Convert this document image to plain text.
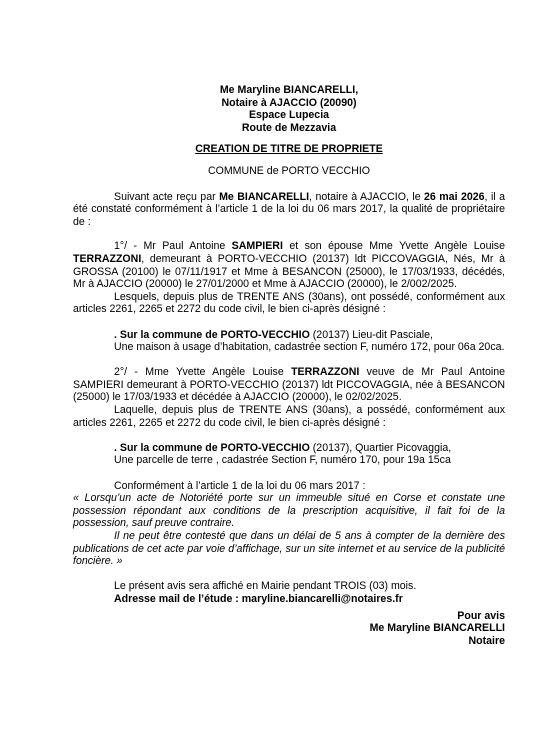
Me Maryline BIANCARELLI,
Notaire à AJACCIO (20090)
Espace Lupecia
Route de Mezzavia
CREATION DE TITRE DE PROPRIETE
COMMUNE de PORTO VECCHIO

Suivant acte reçu par Me BIANCARELLI, notaire à AJACCIO, le 26 mai 2026, il a été constaté conformément à l’article 1 de la loi du 06 mars 2017, la qualité de propriétaire de :

1°/ - Mr Paul Antoine SAMPIERI et son épouse Mme Yvette Angèle Louise TERRAZZONI, demeurant à PORTO-VECCHIO (20137) ldt PICCOVAGGIA, Nés, Mr à GROSSA (20100) le 07/11/1917 et Mme à BESANCON (25000), le 17/03/1933, décédés, Mr à AJACCIO (20000) le 27/01/2000 et Mme à AJACCIO (20000), le 2/002/2025.

Lesquels, depuis plus de TRENTE ANS (30ans), ont possédé, conformément aux articles 2261, 2265 et 2272 du code civil, le bien ci-après désigné :

. Sur la commune de PORTO-VECCHIO (20137) Lieu-dit Pasciale,

Une maison à usage d’habitation, cadastrée section F, numéro 172, pour 06a 20ca.

2°/ - Mme Yvette Angèle Louise TERRAZZONI veuve de Mr Paul Antoine SAMPIERI demeurant à PORTO-VECCHIO (20137) ldt PICCOVAGGIA, née à BESANCON (25000) le 17/03/1933 et décédée à AJACCIO (20000), le 02/02/2025.

Laquelle, depuis plus de TRENTE ANS (30ans), a possédé, conformément aux articles 2261, 2265 et 2272 du code civil, le bien ci-après désigné :

. Sur la commune de PORTO-VECCHIO (20137), Quartier Picovaggia,

Une parcelle de terre , cadastrée Section F, numéro 170, pour 19a 15ca

Conformément à l’article 1 de la loi du 06 mars 2017 :

« Lorsqu’un acte de Notoriété porte sur un immeuble situé en Corse et constate une possession répondant aux conditions de la prescription acquisitive, il fait foi de la possession, sauf preuve contraire.

Il ne peut être contesté que dans un délai de 5 ans à compter de la dernière des publications de cet acte par voie d’affichage, sur un site internet et au service de la publicité foncière. »

Le présent avis sera affiché en Mairie pendant TROIS (03) mois.

Adresse mail de l’étude : maryline.biancarelli@notaires.fr

Pour avis
Me Maryline BIANCARELLI
Notaire
